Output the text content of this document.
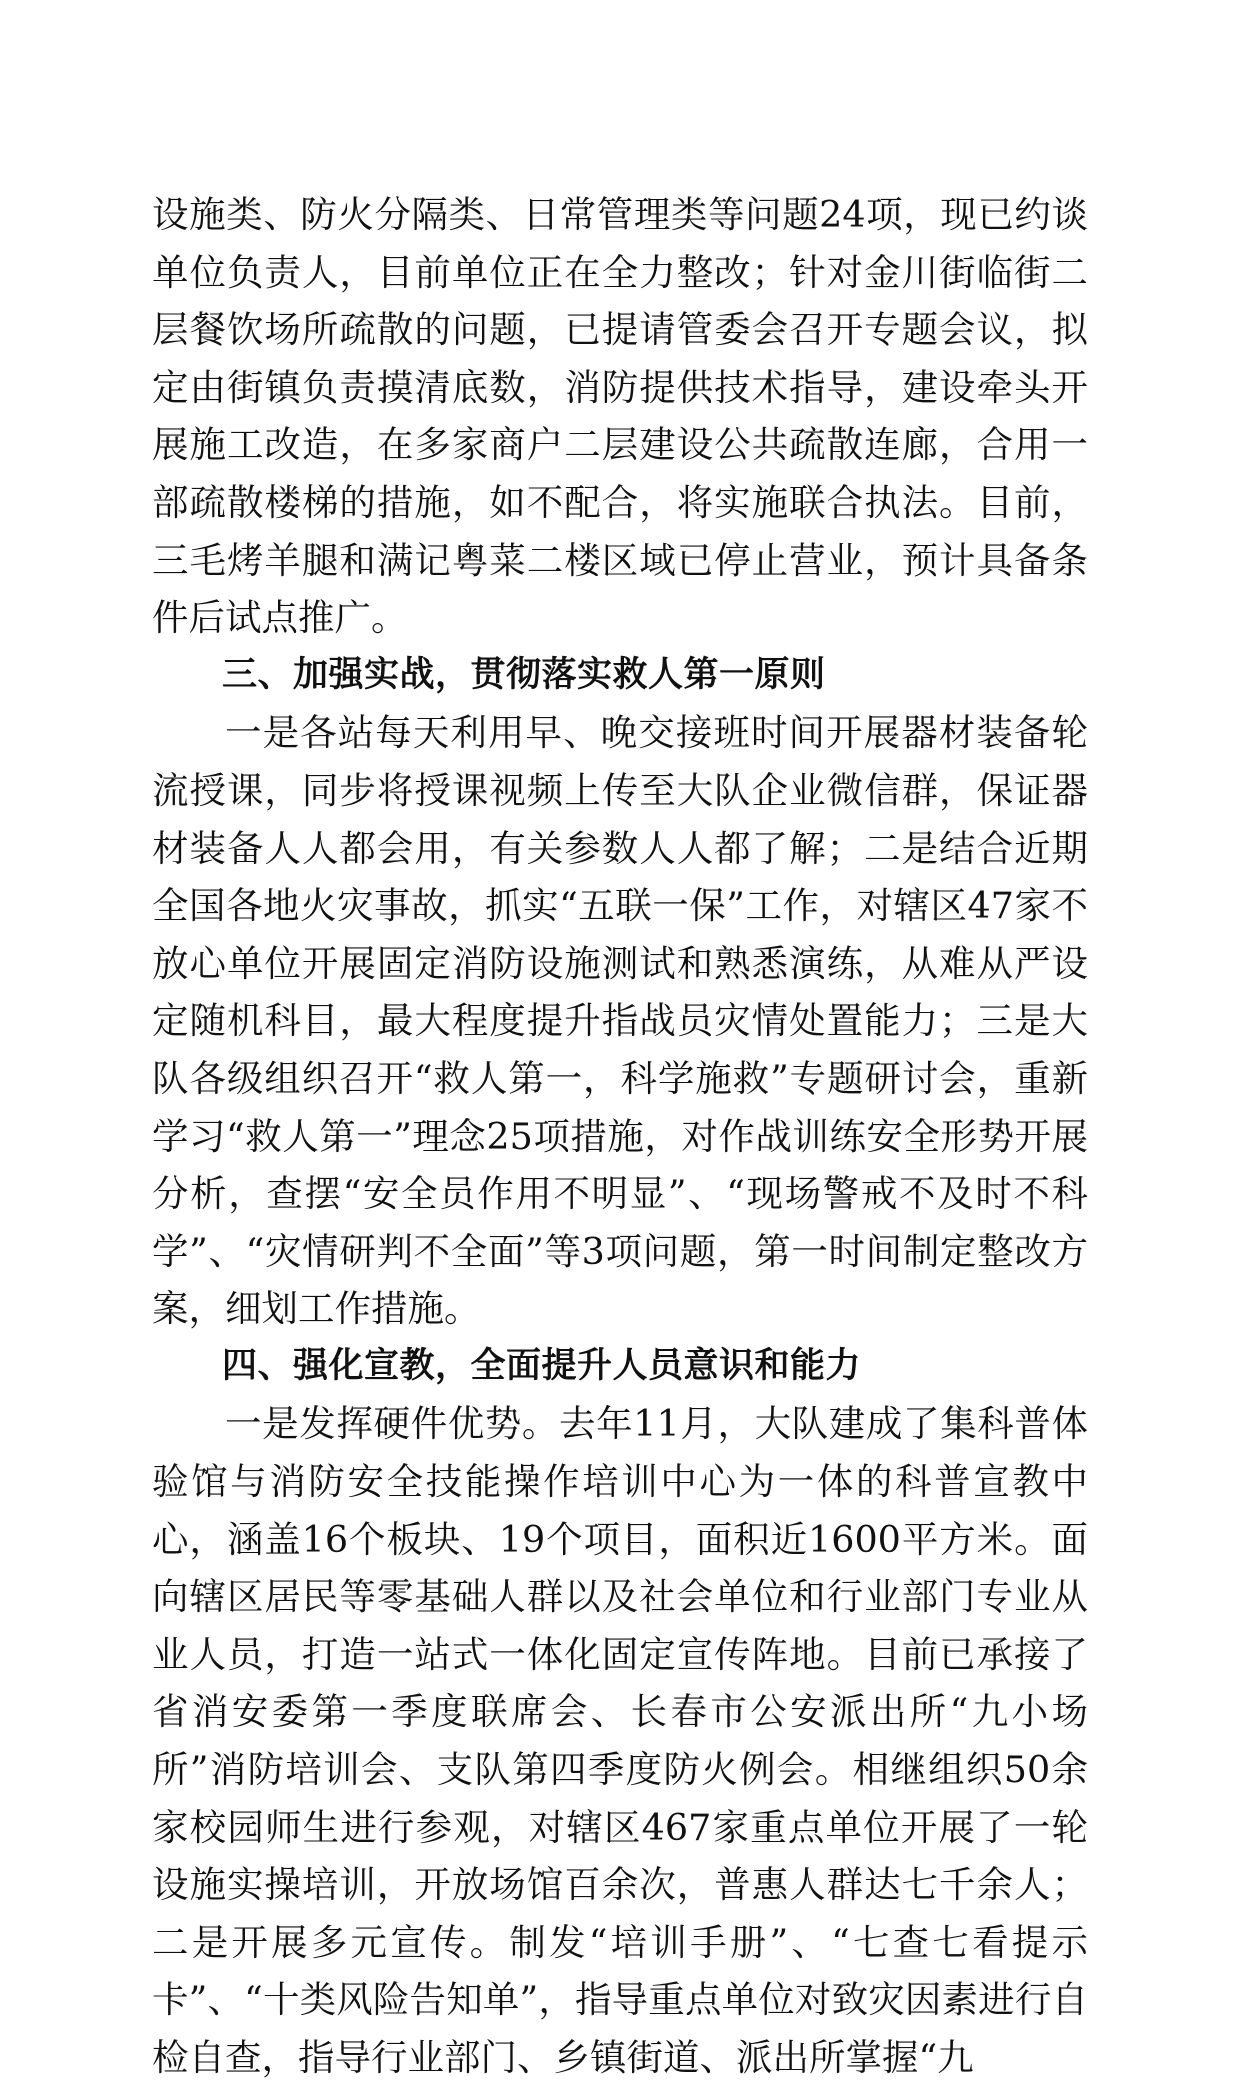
设施类、防火分隔类、日常管理类等问题24项，现已约谈单位负责人，目前单位正在全力整改；针对金川街临街二层餐饮场所疏散的问题，已提请管委会召开专题会议，拟定由街镇负责摸清底数，消防提供技术指导，建设牵头开展施工改造，在多家商户二层建设公共疏散连廊，合用一部疏散楼梯的措施，如不配合，将实施联合执法。目前，三毛烤羊腿和满记粤菜二楼区域已停止营业，预计具备条件后试点推广。

三、加强实战，贯彻落实救人第一原则

一是各站每天利用早、晚交接班时间开展器材装备轮流授课，同步将授课视频上传至大队企业微信群，保证器材装备人人都会用，有关参数人人都了解；二是结合近期全国各地火灾事故，抓实“五联一保”工作，对辖区47家不放心单位开展固定消防设施测试和熟悉演练，从难从严设定随机科目，最大程度提升指战员灾情处置能力；三是大队各级组织召开“救人第一，科学施救”专题研讨会，重新学习“救人第一”理念25项措施，对作战训练安全形势开展分析，查摆“安全员作用不明显”、“现场警戒不及时不科学”、“灾情研判不全面”等3项问题，第一时间制定整改方案，细划工作措施。

四、强化宣教，全面提升人员意识和能力

一是发挥硬件优势。去年11月，大队建成了集科普体验馆与消防安全技能操作培训中心为一体的科普宣教中心，涵盖16个板块、19个项目，面积近1600平方米。面向辖区居民等零基础人群以及社会单位和行业部门专业从业人员，打造一站式一体化固定宣传阵地。目前已承接了省消安委第一季度联席会、长春市公安派出所“九小场所”消防培训会、支队第四季度防火例会。相继组织50余家校园师生进行参观，对辖区467家重点单位开展了一轮设施实操培训，开放场馆百余次，普惠人群达七千余人；二是开展多元宣传。制发“培训手册”、“七查七看提示卡”、“十类风险告知单”，指导重点单位对致灾因素进行自检自查，指导行业部门、乡镇街道、派出所掌握“九
